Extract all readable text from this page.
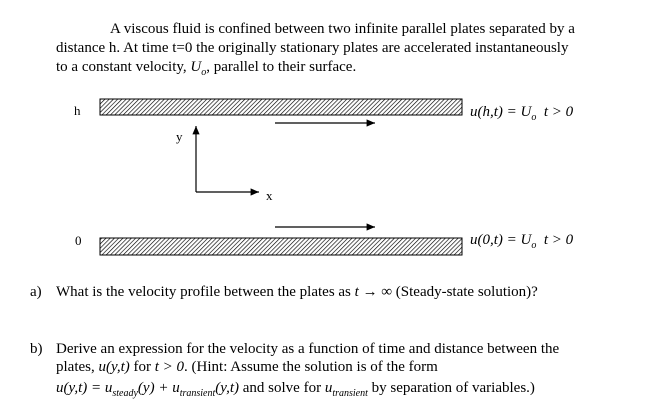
A viscous fluid is confined between two infinite parallel plates separated by a
distance h. At time t=0 the originally stationary plates are accelerated instantaneously
to a constant velocity, $U_o$, parallel to their surface.
h
0
y
x
$u(h,t) = U_o$ t > 0
$u(0,t) = U_o$ t > 0
a) What is the velocity profile between the plates as t → ∞ (Steady-state solution)?
b) Derive an expression for the velocity as a function of time and distance between the
plates, u(y,t) for t > 0. (Hint: Assume the solution is of the form
$u(y,t) = u_{steady}(y) + u_{transient}(y,t)$ and solve for $u_{transient}$ by separation of variables.)
